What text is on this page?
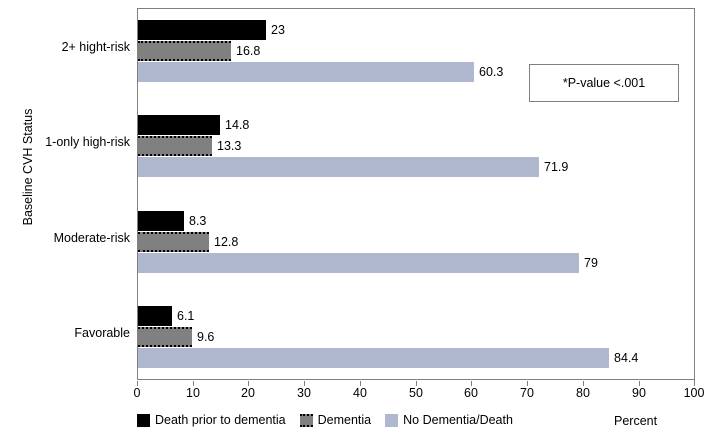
Baseline CVH Status
2+ hight-risk
1-only high-risk
Moderate-risk
Favorable
23
16.8
60.3
14.8
13.3
71.9
8.3
12.8
79
6.1
9.6
84.4
0	10	20	30	40	50	60	70	80	90	100
* P-value <.001
Death prior to dementia	Dementia	No Dementia/Death	Percent
